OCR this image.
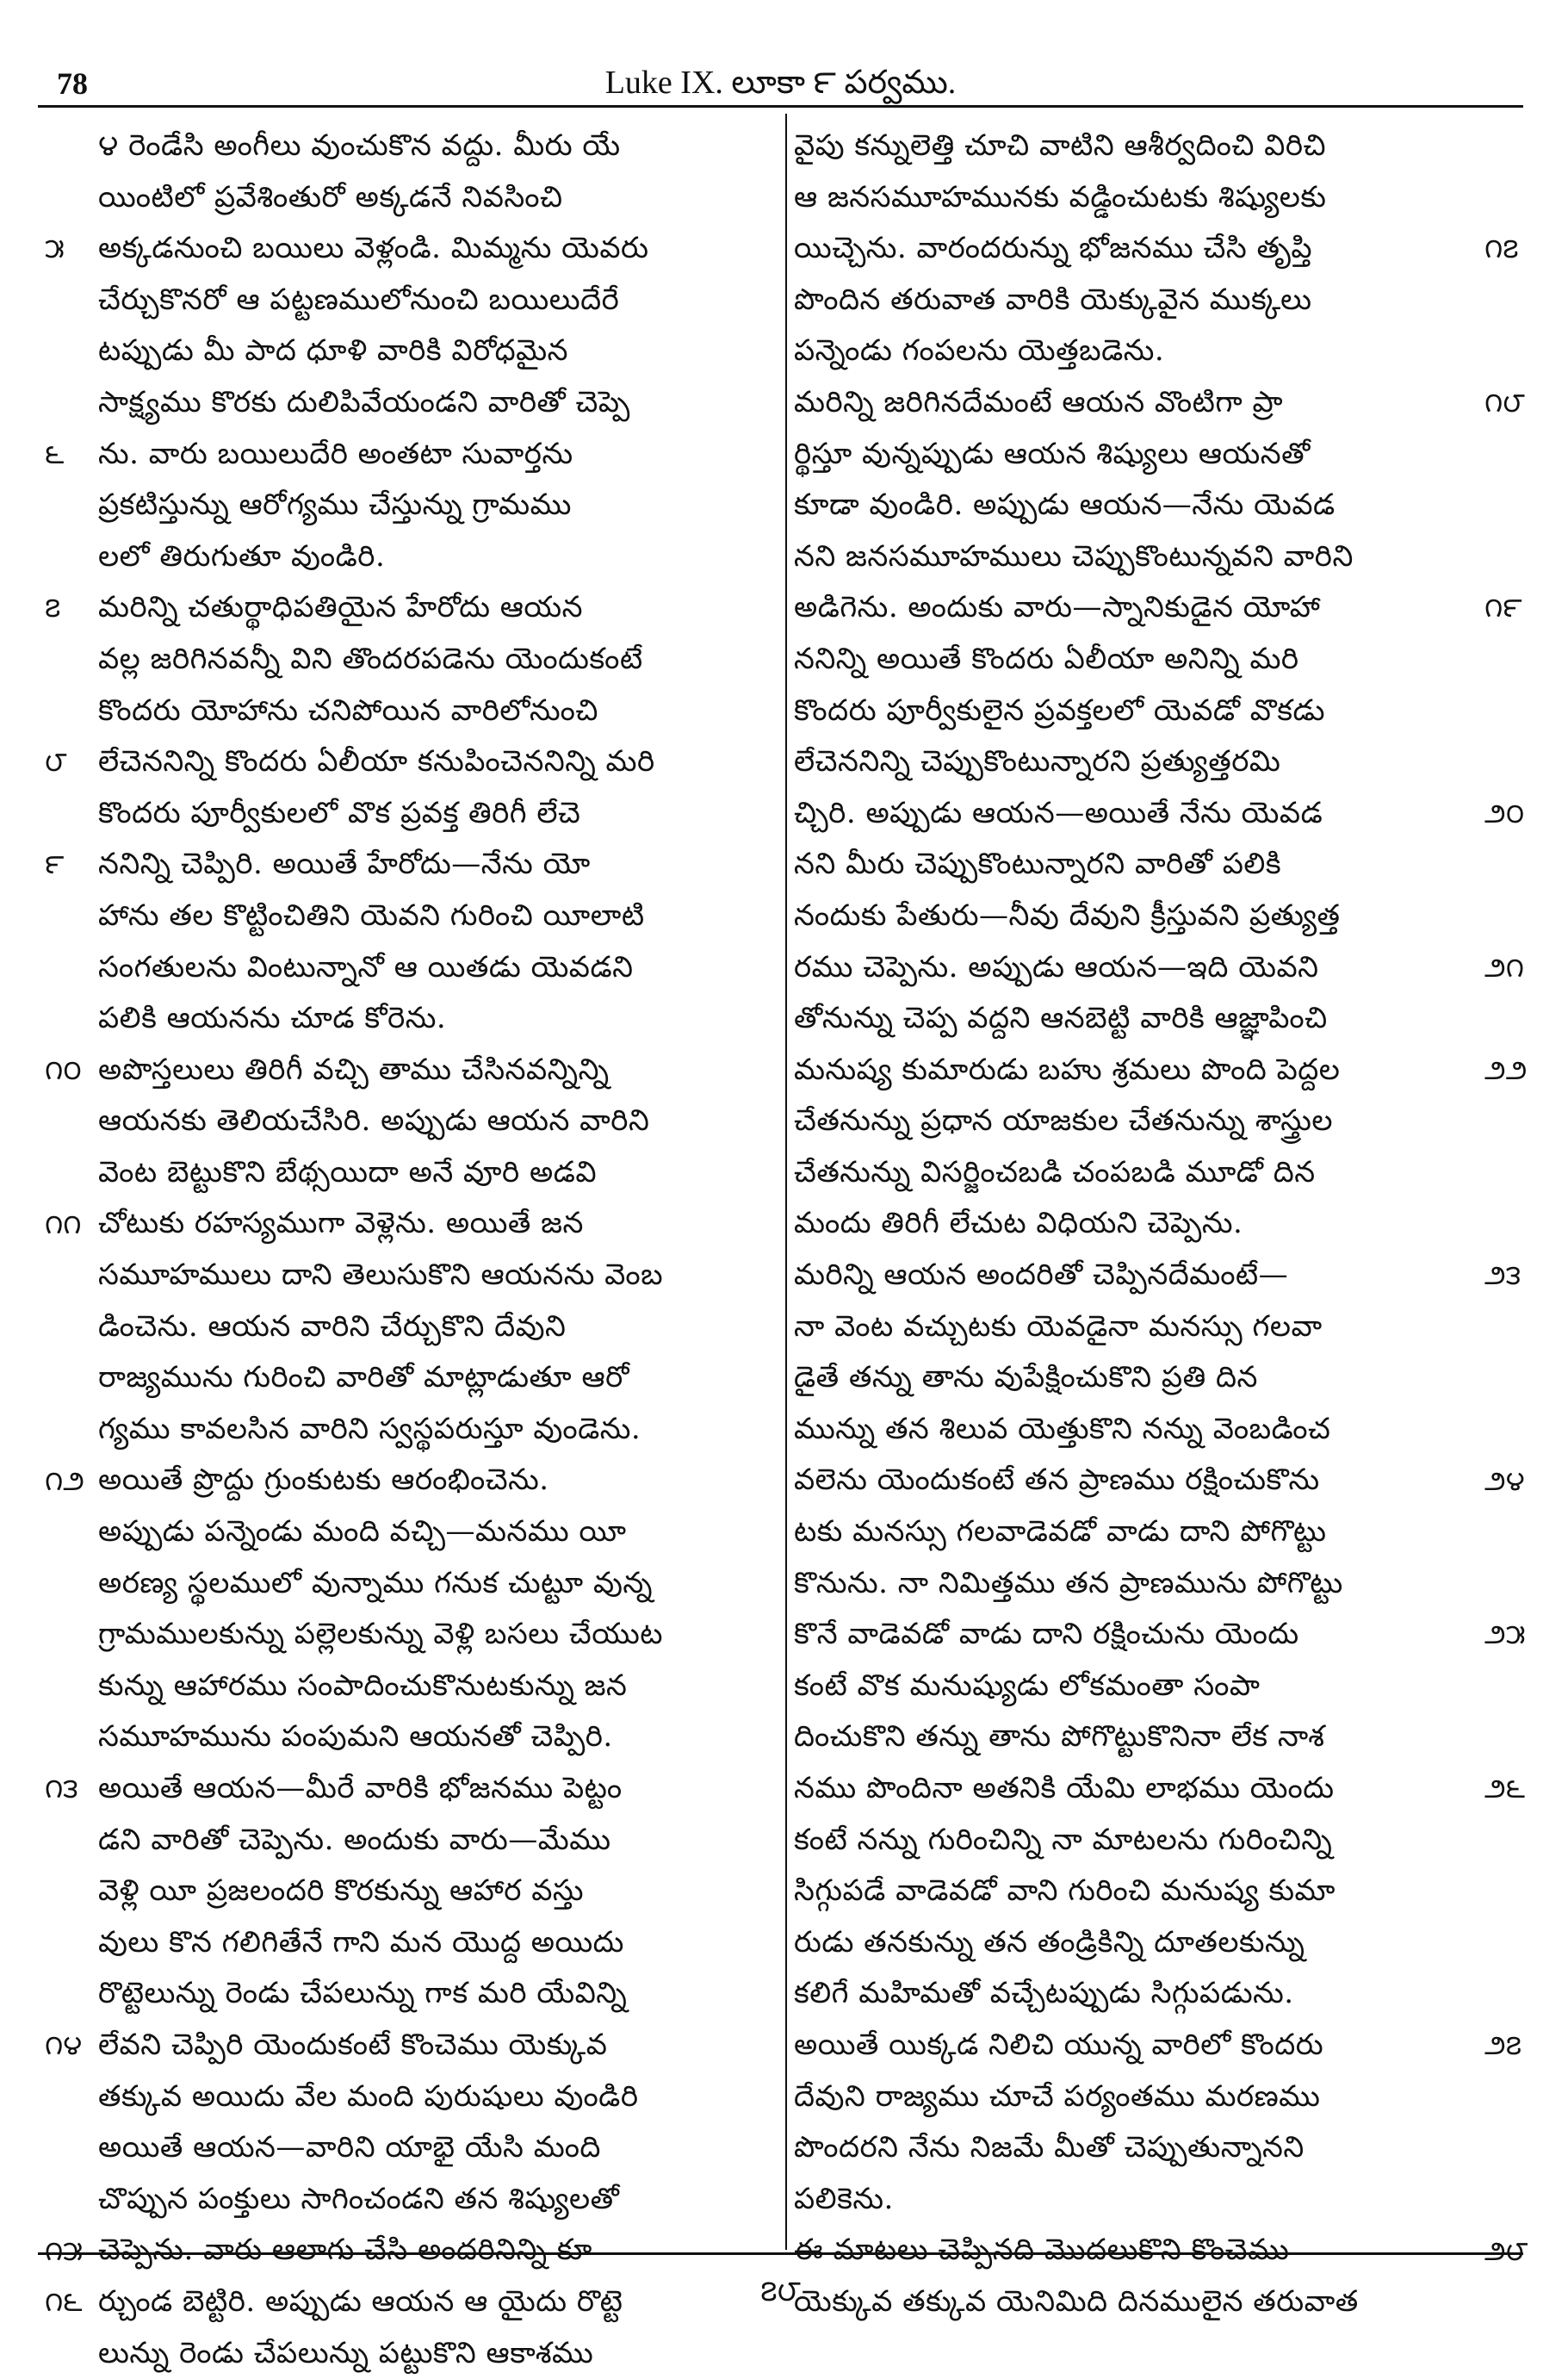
78	Luke IX. లూకా ౯ పర్వము.
౪ రెండేసి అంగీలు వుంచుకొన వద్దు. మీరు యే
యింటిలో ప్రవేశింతురో అక్కడనే నివసించి
అక్కడనుంచి బయిలు వెళ్లండి. మిమ్మను యెవరు
చేర్చుకొనరో ఆ పట్టణములోనుంచి బయిలుదేరే
టప్పుడు మీ పాద ధూళి వారికి విరోధమైన
సాక్ష్యము కొరకు దులిపివేయండని వారితో చెప్పె
ను. వారు బయిలుదేరి అంతటా సువార్తను
ప్రకటిస్తున్ను ఆరోగ్యము చేస్తున్ను గ్రామము
లలో తిరుగుతూ వుండిరి.
మరిన్ని చతుర్థాధిపతియైన హేరోదు ఆయన
వల్ల జరిగినవన్నీ విని తొందరపడెను యెందుకంటే
కొందరు యోహాను చనిపోయిన వారిలోనుంచి
లేచెననిన్ని కొందరు ఏలీయా కనుపించెననిన్ని మరి
కొందరు పూర్వీకులలో వొక ప్రవక్త తిరిగీ లేచె
ననిన్ని చెప్పిరి. అయితే హేరోదు—నేను యో
హాను తల కొట్టించితిని యెవని గురించి యీలాటి
సంగతులను వింటున్నానో ఆ యితడు యెవడని
పలికి ఆయనను చూడ కోరెను.
అపొస్తలులు తిరిగీ వచ్చి తాము చేసినవన్నిన్ని
ఆయనకు తెలియచేసిరి. అప్పుడు ఆయన వారిని
వెంట బెట్టుకొని బేథ్సయిదా అనే వూరి అడవి
చోటుకు రహస్యముగా వెళ్లెను. అయితే జన
సమూహములు దాని తెలుసుకొని ఆయనను వెంబ
డించెను. ఆయన వారిని చేర్చుకొని దేవుని
రాజ్యమును గురించి వారితో మాట్లాడుతూ ఆరో
గ్యము కావలసిన వారిని స్వస్థపరుస్తూ వుండెను.
అయితే ప్రొద్దు గ్రుంకుటకు ఆరంభించెను.
అప్పుడు పన్నెండు మంది వచ్చి—మనము యీ
అరణ్య స్థలములో వున్నాము గనుక చుట్టూ వున్న
గ్రామములకున్ను పల్లెలకున్ను వెళ్లి బసలు చేయుట
కున్ను ఆహారము సంపాదించుకొనుటకున్ను జన
సమూహమును పంపుమని ఆయనతో చెప్పిరి.
అయితే ఆయన—మీరే వారికి భోజనము పెట్టం
డని వారితో చెప్పెను. అందుకు వారు—మేము
వెళ్లి యీ ప్రజలందరి కొరకున్ను ఆహార వస్తు
వులు కొన గలిగితేనే గాని మన యొద్ద అయిదు
రొట్టెలున్ను రెండు చేపలున్ను గాక మరి యేవిన్ని
లేవని చెప్పిరి యెందుకంటే కొంచెము యెక్కువ
తక్కువ అయిదు వేల మంది పురుషులు వుండిరి
అయితే ఆయన—వారిని యాభై యేసి మంది
చొప్పున పంక్తులు సాగించండని తన శిష్యులతో
చెప్పెను. వారు ఆలాగు చేసి అందరినిన్ని కూ
ర్చుండ బెట్టిరి. అప్పుడు ఆయన ఆ యైదు రొట్టె
లున్ను రెండు చేపలున్ను పట్టుకొని ఆకాశము
వైపు కన్నులెత్తి చూచి వాటిని ఆశీర్వదించి విరిచి
ఆ జనసమూహమునకు వడ్డించుటకు శిష్యులకు
యిచ్చెను. వారందరున్ను భోజనము చేసి తృప్తి
పొందిన తరువాత వారికి యెక్కువైన ముక్కలు
పన్నెండు గంపలను యెత్తబడెను.
మరిన్ని జరిగినదేమంటే ఆయన వొంటిగా ప్రా
ర్థిస్తూ వున్నప్పుడు ఆయన శిష్యులు ఆయనతో
కూడా వుండిరి. అప్పుడు ఆయన—నేను యెవడ
నని జనసమూహములు చెప్పుకొంటున్నవని వారిని
అడిగెను. అందుకు వారు—స్నానికుడైన యోహా
ననిన్ని అయితే కొందరు ఏలీయా అనిన్ని మరి
కొందరు పూర్వీకులైన ప్రవక్తలలో యెవడో వొకడు
లేచెననిన్ని చెప్పుకొంటున్నారని ప్రత్యుత్తరమి
చ్చిరి. అప్పుడు ఆయన—అయితే నేను యెవడ
నని మీరు చెప్పుకొంటున్నారని వారితో పలికి
నందుకు పేతురు—నీవు దేవుని క్రీస్తువని ప్రత్యుత్త
రము చెప్పెను. అప్పుడు ఆయన—ఇది యెవని
తోనున్ను చెప్ప వద్దని ఆనబెట్టి వారికి ఆజ్ఞాపించి
మనుష్య కుమారుడు బహు శ్రమలు పొంది పెద్దల
చేతనున్ను ప్రధాన యాజకుల చేతనున్ను శాస్త్రుల
చేతనున్ను విసర్జించబడి చంపబడి మూడో దిన
మందు తిరిగీ లేచుట విధియని చెప్పెను.
మరిన్ని ఆయన అందరితో చెప్పినదేమంటే—
నా వెంట వచ్చుటకు యెవడైనా మనస్సు గలవా
డైతే తన్ను తాను వుపేక్షించుకొని ప్రతి దిన
మున్ను తన శిలువ యెత్తుకొని నన్ను వెంబడించ
వలెను యెందుకంటే తన ప్రాణము రక్షించుకొను
టకు మనస్సు గలవాడెవడో వాడు దాని పోగొట్టు
కొనును. నా నిమిత్తము తన ప్రాణమును పోగొట్టు
కొనే వాడెవడో వాడు దాని రక్షించును యెందు
కంటే వొక మనుష్యుడు లోకమంతా సంపా
దించుకొని తన్ను తాను పోగొట్టుకొనినా లేక నాశ
నము పొందినా అతనికి యేమి లాభము యెందు
కంటే నన్ను గురించిన్ని నా మాటలను గురించిన్ని
సిగ్గుపడే వాడెవడో వాని గురించి మనుష్య కుమా
రుడు తనకున్ను తన తండ్రికిన్ని దూతలకున్ను
కలిగే మహిమతో వచ్చేటప్పుడు సిగ్గుపడును.
అయితే యిక్కడ నిలిచి యున్న వారిలో కొందరు
దేవుని రాజ్యము చూచే పర్యంతము మరణము
పొందరని నేను నిజమే మీతో చెప్పుతున్నానని
పలికెను.
ఈ మాటలు చెప్పినది మొదలుకొని కొంచెము
యెక్కువ తక్కువ యెనిమిది దినములైన తరువాత
౫
౬
౭
౮
౯
౧౦
౧౧
౧౨
౧౩
౧౪
౧౫
౧౬
౧౭
౧౮
౧౯
౨౦
౨౧
౨౨
౨౩
౨౪
౨౫
౨౬
౨౭
౨౮
౭౮
